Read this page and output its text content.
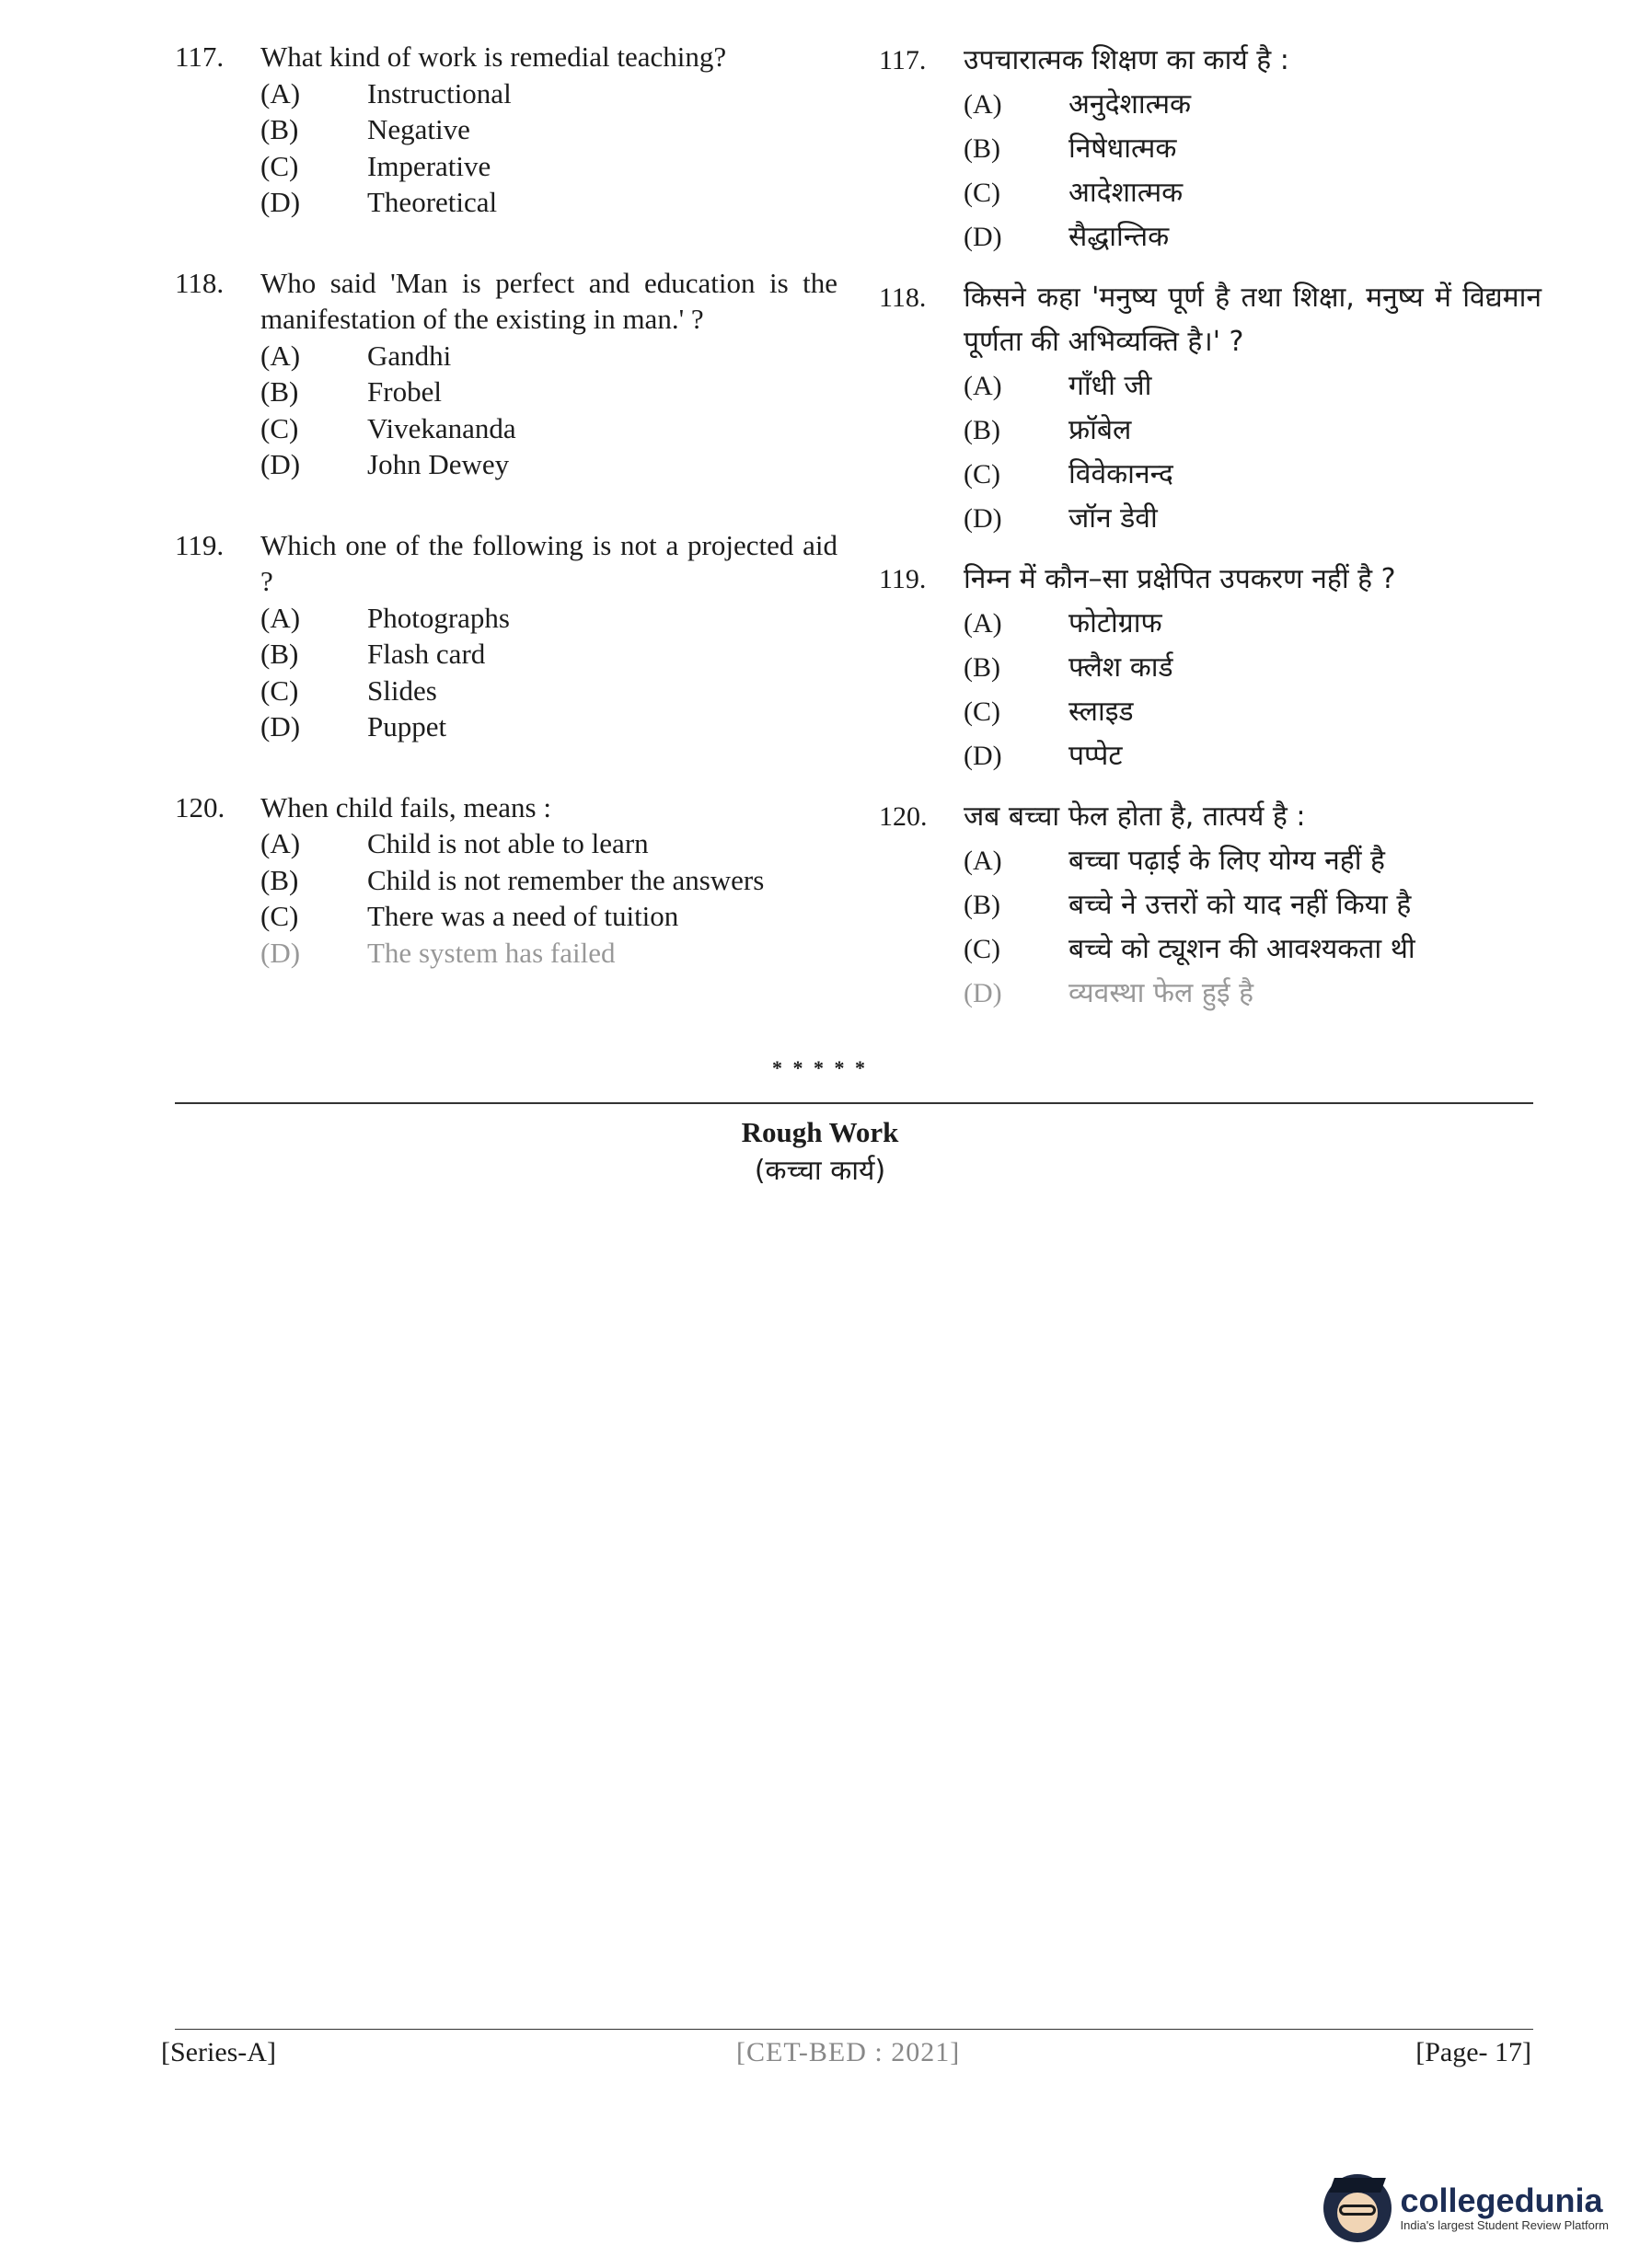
117.	What kind of work is remedial teaching?
(A)	Instructional
(B)	Negative
(C)	Imperative
(D)	Theoretical
118.	Who said 'Man is perfect and education is the manifestation of the existing in man.' ?
(A)	Gandhi
(B)	Frobel
(C)	Vivekananda
(D)	John Dewey
119.	Which one of the following is not a projected aid ?
(A)	Photographs
(B)	Flash card
(C)	Slides
(D)	Puppet
120.	When child fails, means :
(A)	Child is not able to learn
(B)	Child is not remember the answers
(C)	There was a need of tuition
(D)	The system has failed
117.	उपचारात्मक शिक्षण का कार्य है :
(A)	अनुदेशात्मक
(B)	निषेधात्मक
(C)	आदेशात्मक
(D)	सैद्धान्तिक
118.	किसने कहा 'मनुष्य पूर्ण है तथा शिक्षा, मनुष्य में विद्यमान पूर्णता की अभिव्यक्ति है।' ?
(A)	गाँधी जी
(B)	फ्रॉबेल
(C)	विवेकानन्द
(D)	जॉन डेवी
119.	निम्न में कौन–सा प्रक्षेपित उपकरण नहीं है ?
(A)	फोटोग्राफ
(B)	फ्लैश कार्ड
(C)	स्लाइड
(D)	पप्पेट
120.	जब बच्चा फेल होता है, तात्पर्य है :
(A)	बच्चा पढ़ाई के लिए योग्य नहीं है
(B)	बच्चे ने उत्तरों को याद नहीं किया है
(C)	बच्चे को ट्यूशन की आवश्यकता थी
(D)	व्यवस्था फेल हुई है
* * * * *
Rough Work
(कच्चा कार्य)
[Series-A]	[CET-BED : 2021]	[Page- 17]
collegedunia
India's largest Student Review Platform
